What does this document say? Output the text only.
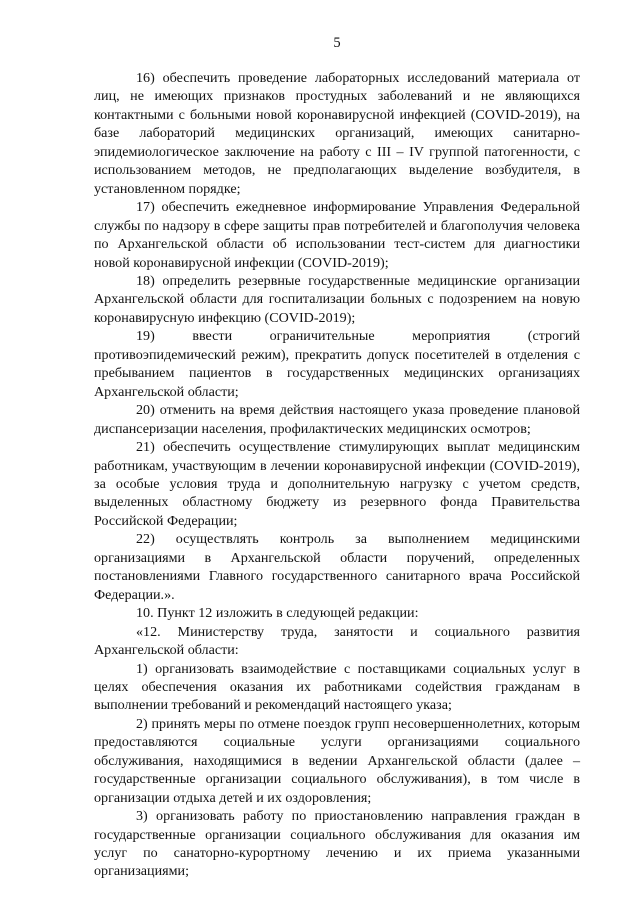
5

16) обеспечить проведение лабораторных исследований материала от лиц, не имеющих признаков простудных заболеваний и не являющихся контактными с больными новой коронавирусной инфекцией (COVID-2019), на базе лабораторий медицинских организаций, имеющих санитарно-эпидемиологическое заключение на работу с III – IV группой патогенности, с использованием методов, не предполагающих выделение возбудителя, в установленном порядке;

17) обеспечить ежедневное информирование Управления Федеральной службы по надзору в сфере защиты прав потребителей и благополучия человека по Архангельской области об использовании тест-систем для диагностики новой коронавирусной инфекции (COVID-2019);

18) определить резервные государственные медицинские организации Архангельской области для госпитализации больных с подозрением на новую коронавирусную инфекцию (COVID-2019);

19) ввести ограничительные мероприятия (строгий противоэпидемический режим), прекратить допуск посетителей в отделения с пребыванием пациентов в государственных медицинских организациях Архангельской области;

20) отменить на время действия настоящего указа проведение плановой диспансеризации населения, профилактических медицинских осмотров;

21) обеспечить осуществление стимулирующих выплат медицинским работникам, участвующим в лечении коронавирусной инфекции (COVID-2019), за особые условия труда и дополнительную нагрузку с учетом средств, выделенных областному бюджету из резервного фонда Правительства Российской Федерации;

22) осуществлять контроль за выполнением медицинскими организациями в Архангельской области поручений, определенных постановлениями Главного государственного санитарного врача Российской Федерации.».

10. Пункт 12 изложить в следующей редакции:

«12. Министерству труда, занятости и социального развития Архангельской области:

1) организовать взаимодействие с поставщиками социальных услуг в целях обеспечения оказания их работниками содействия гражданам в выполнении требований и рекомендаций настоящего указа;

2) принять меры по отмене поездок групп несовершеннолетних, которым предоставляются социальные услуги организациями социального обслуживания, находящимися в ведении Архангельской области (далее – государственные организации социального обслуживания), в том числе в организации отдыха детей и их оздоровления;

3) организовать работу по приостановлению направления граждан в государственные организации социального обслуживания для оказания им услуг по санаторно-курортному лечению и их приема указанными организациями;
